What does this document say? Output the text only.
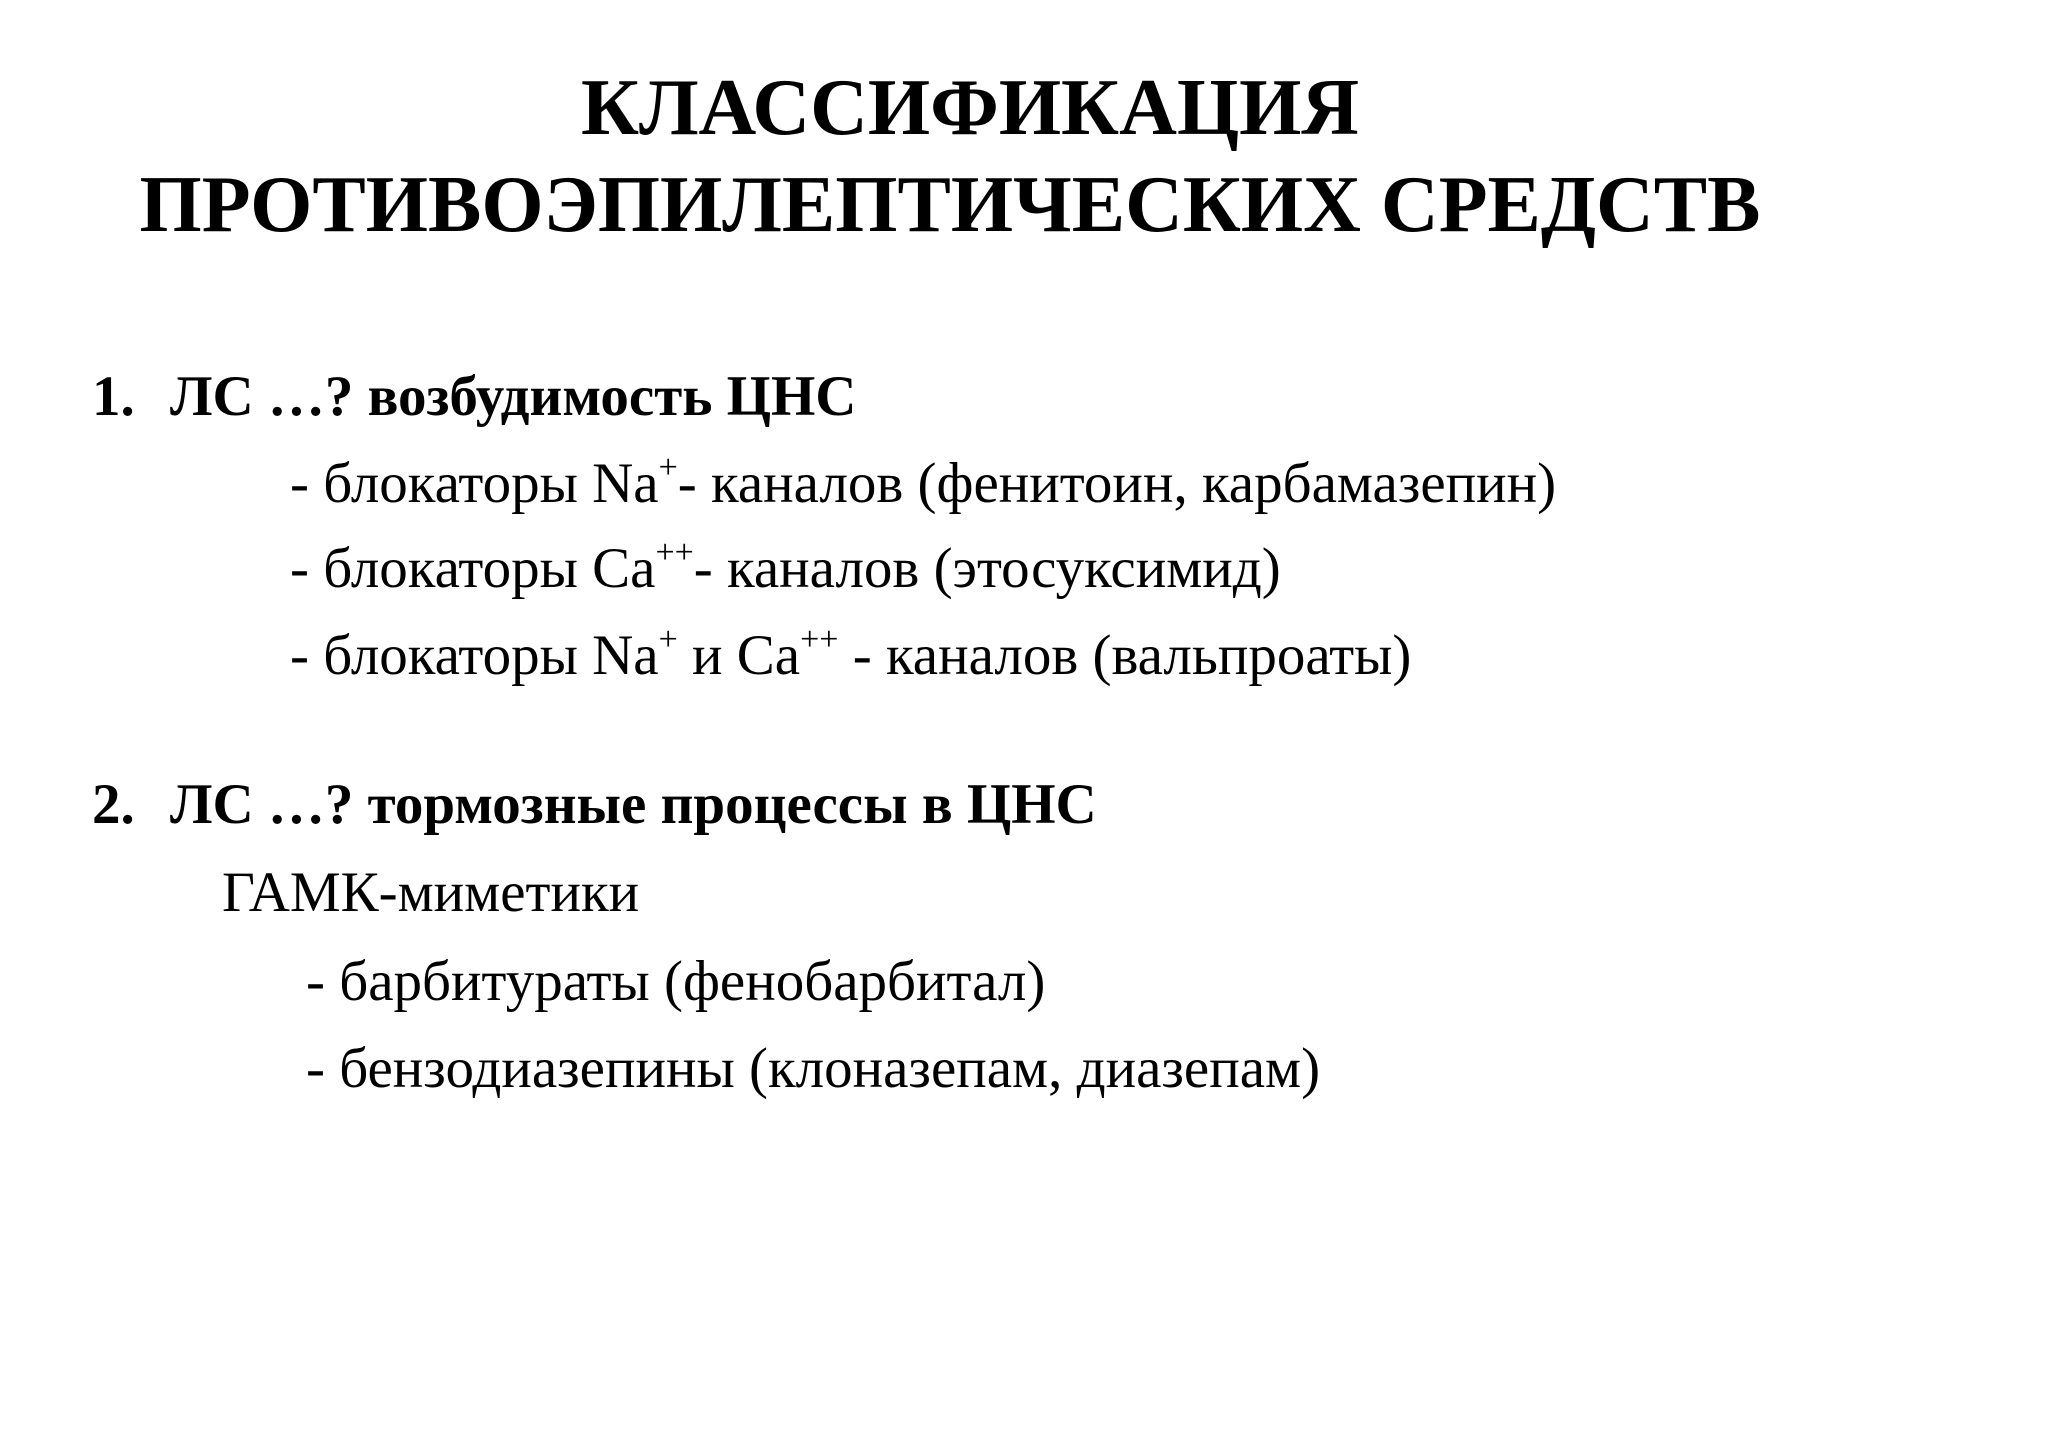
КЛАССИФИКАЦИЯ
ПРОТИВОЭПИЛЕПТИЧЕСКИХ СРЕДСТВ
1. ЛС …? возбудимость ЦНС
- блокаторы Na+- каналов (фенитоин, карбамазепин)
- блокаторы Ca++- каналов (этосуксимид)
- блокаторы Na+ и Ca++ - каналов (вальпроаты)
2. ЛС …? тормозные процессы в ЦНС
ГАМК-миметики
- барбитураты (фенобарбитал)
- бензодиазепины (клоназепам, диазепам)
